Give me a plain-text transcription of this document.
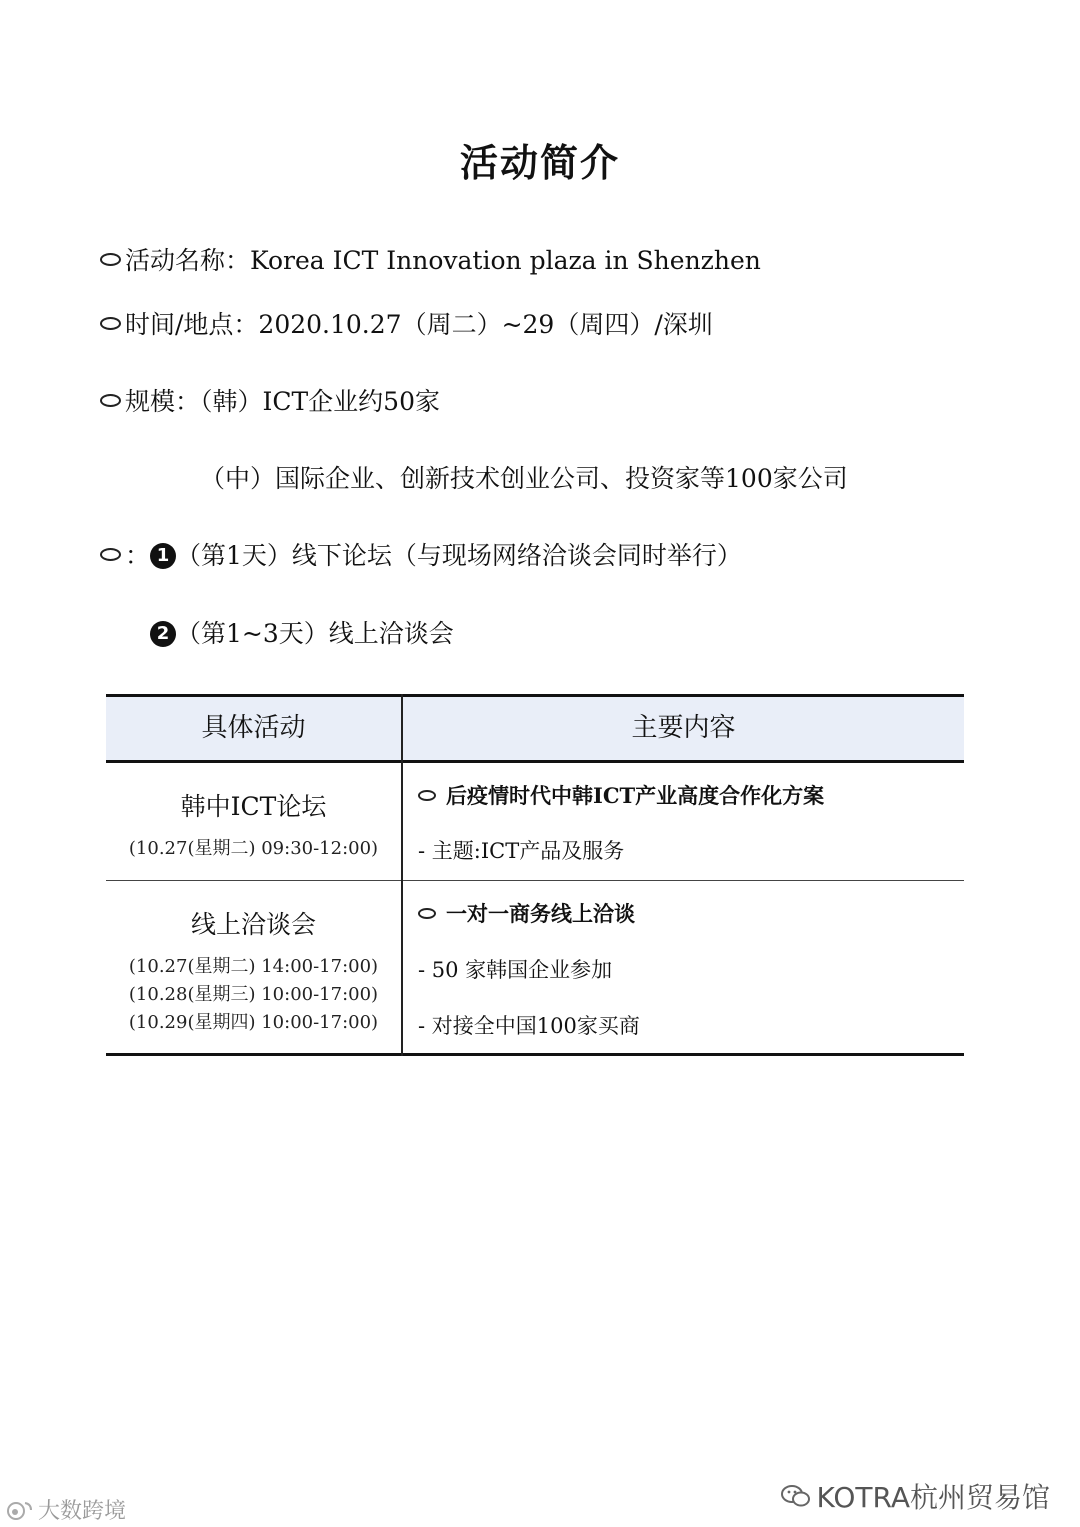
活动简介
活动名称：Korea ICT Innovation plaza in Shenzhen
时间/地点：2020.10.27（周二）~29（周四）/深圳
规模：（韩）ICT企业约50家
（中）国际企业、创新技术创业公司、投资家等100家公司
： 1 （第1天）线下论坛（与现场网络洽谈会同时举行）
2 （第1~3天）线上洽谈会
具体活动	主要内容
韩中ICT论坛
(10.27(星期二) 09:30-12:00)
后疫情时代中韩ICT产业高度合作化方案
- 主题:ICT产品及服务
线上洽谈会
(10.27(星期二) 14:00-17:00)
(10.28(星期三) 10:00-17:00)
(10.29(星期四) 10:00-17:00)
一对一商务线上洽谈
- 50 家韩国企业参加
- 对接全中国100家买商
大数跨境	KOTRA杭州贸易馆
